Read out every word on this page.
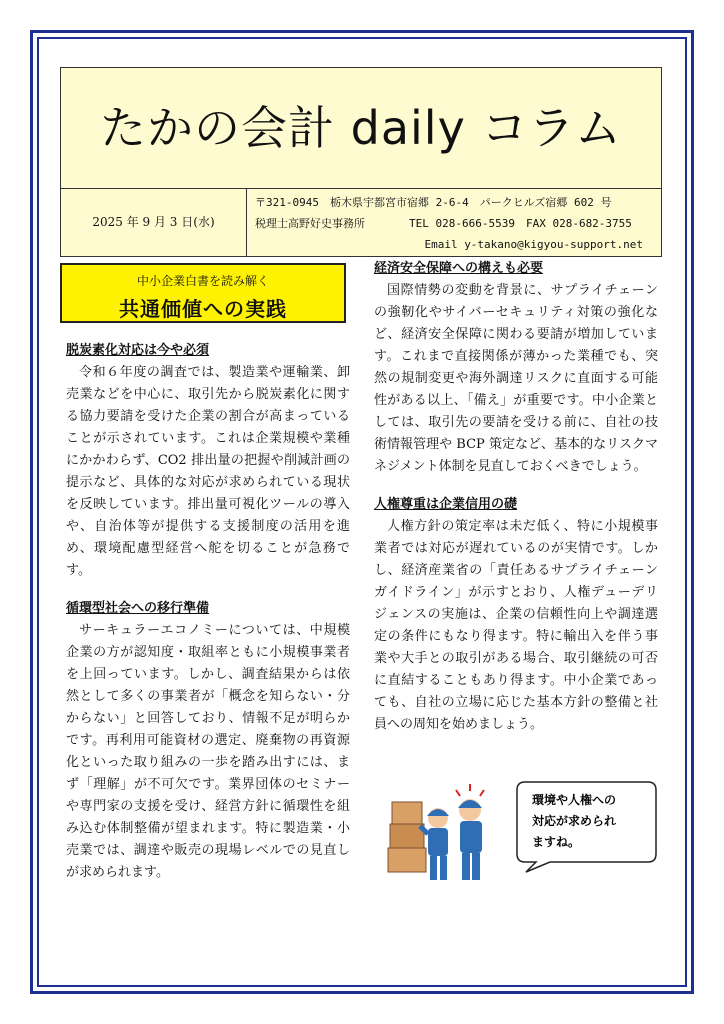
たかの会計 daily コラム
2025 年 9 月 3 日(水)
〒321-0945　栃木県宇都宮市宿郷 2-6-4　パークヒルズ宿郷 602 号
税理士高野好史事務所	TEL 028-666-5539　FAX 028-682-3755
Email y-takano@kigyou-support.net
中小企業白書を読み解く
共通価値への実践
脱炭素化対応は今や必須

令和６年度の調査では、製造業や運輸業、卸売業などを中心に、取引先から脱炭素化に関する協力要請を受けた企業の割合が高まっていることが示されています。これは企業規模や業種にかかわらず、CO2 排出量の把握や削減計画の提示など、具体的な対応が求められている現状を反映しています。排出量可視化ツールの導入や、自治体等が提供する支援制度の活用を進め、環境配慮型経営へ舵を切ることが急務です。

循環型社会への移行準備

サーキュラーエコノミーについては、中規模企業の方が認知度・取組率ともに小規模事業者を上回っています。しかし、調査結果からは依然として多くの事業者が「概念を知らない・分からない」と回答しており、情報不足が明らかです。再利用可能資材の選定、廃棄物の再資源化といった取り組みの一歩を踏み出すには、まず「理解」が不可欠です。業界団体のセミナーや専門家の支援を受け、経営方針に循環性を組み込む体制整備が望まれます。特に製造業・小売業では、調達や販売の現場レベルでの見直しが求められます。

経済安全保障への構えも必要

国際情勢の変動を背景に、サプライチェーンの強靭化やサイバーセキュリティ対策の強化など、経済安全保障に関わる要請が増加しています。これまで直接関係が薄かった業種でも、突然の規制変更や海外調達リスクに直面する可能性がある以上、「備え」が重要です。中小企業としては、取引先の要請を受ける前に、自社の技術情報管理や BCP 策定など、基本的なリスクマネジメント体制を見直しておくべきでしょう。

人権尊重は企業信用の礎

人権方針の策定率は未だ低く、特に小規模事業者では対応が遅れているのが実情です。しかし、経済産業省の「責任あるサプライチェーンガイドライン」が示すとおり、人権デューデリジェンスの実施は、企業の信頼性向上や調達選定の条件にもなり得ます。特に輸出入を伴う事業や大手との取引がある場合、取引継続の可否に直結することもあり得ます。中小企業であっても、自社の立場に応じた基本方針の整備と社員への周知を始めましょう。

環境や人権への
対応が求められ
ますね。
